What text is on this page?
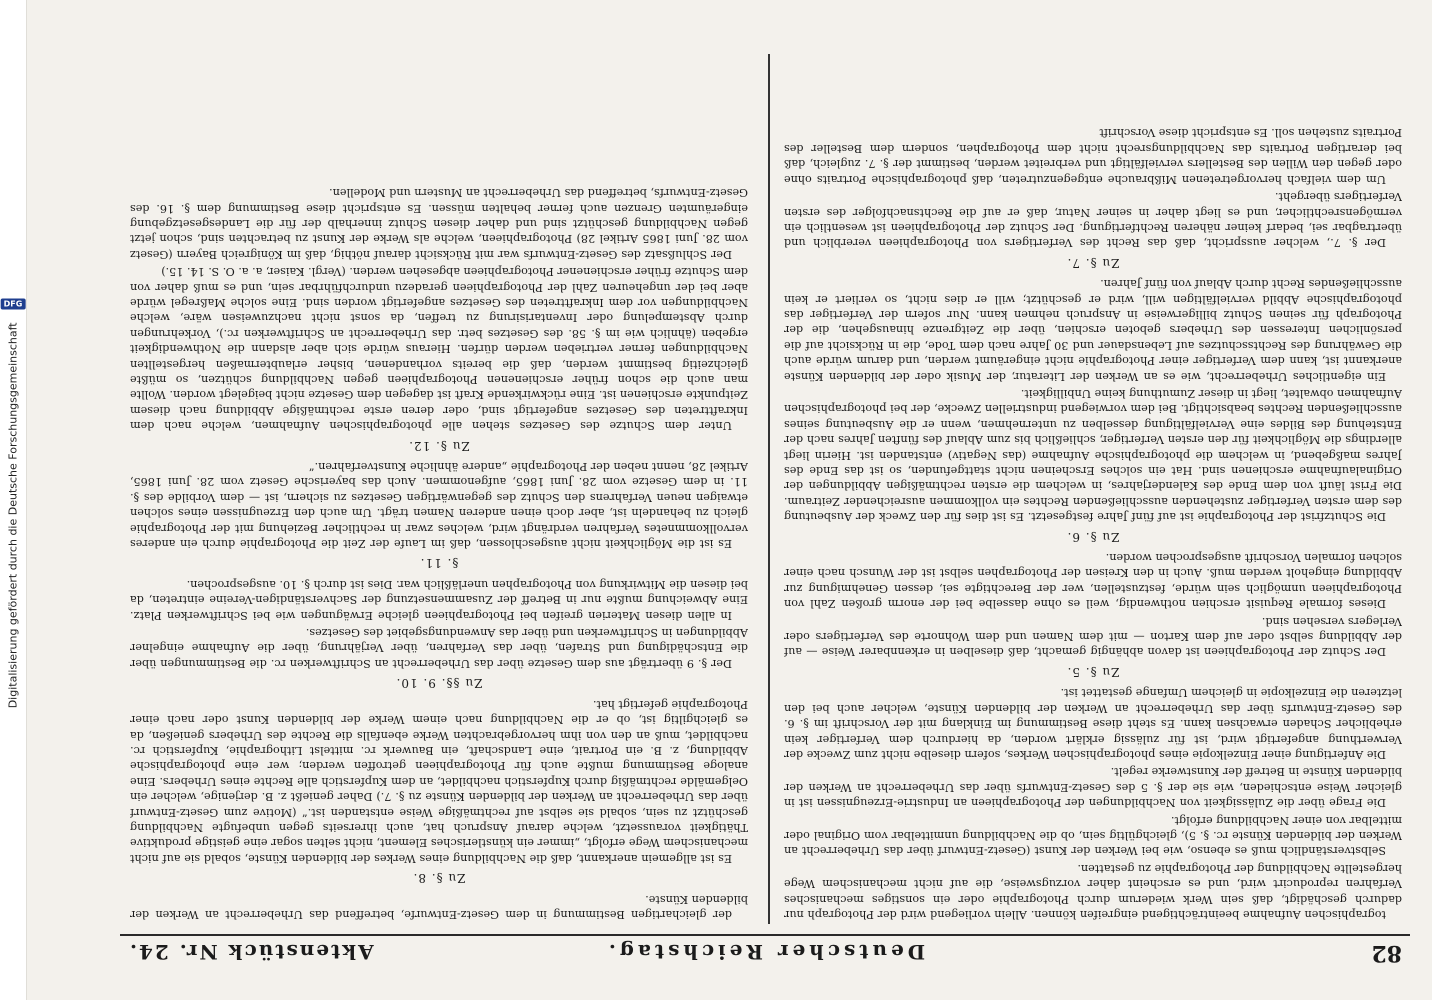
Digitalisierung gefördert durch die Deutsche Forschungsgemeinschaft
DFG
82
Deutscher Reichstag.
Aktenstück Nr. 24.

tographischen Aufnahme beeinträchtigend eingreifen können. Allein vorliegend wird der Photograph nur dadurch geschädigt, daß sein Werk wiederum durch Photographie oder ein sonstiges mechanisches Verfahren reproducirt wird, und es erscheint daher vorzugsweise, die auf nicht mechanischem Wege hergestellte Nachbildung der Photographie zu gestatten.

Selbstverständlich muß es ebenso, wie bei Werken der Kunst (Gesetz-Entwurf über das Urheberrecht an Werken der bildenden Künste rc. §. 5), gleichgültig sein, ob die Nachbildung unmittelbar vom Original oder mittelbar von einer Nachbildung erfolgt.

Die Frage über die Zulässigkeit von Nachbildungen der Photographieen an Industrie-Erzeugnissen ist in gleicher Weise entschieden, wie sie der §. 5 des Gesetz-Entwurfs über das Urheberrecht an Werken der bildenden Künste in Betreff der Kunstwerke regelt.

Die Anfertigung einer Einzelkopie eines photographischen Werkes, sofern dieselbe nicht zum Zwecke der Verwerthung angefertigt wird, ist für zulässig erklärt worden, da hierdurch dem Verfertiger kein erheblicher Schaden erwachsen kann. Es steht diese Bestimmung im Einklang mit der Vorschrift im §. 6. des Gesetz-Entwurfs über das Urheberrecht an Werken der bildenden Künste, welcher auch bei den letzteren die Einzelkopie in gleichem Umfange gestattet ist.

Zu §. 5.

Der Schutz der Photographieen ist davon abhängig gemacht, daß dieselben in erkennbarer Weise — auf der Abbildung selbst oder auf dem Karton — mit dem Namen und dem Wohnorte des Verfertigers oder Verlegers versehen sind.

Dieses formale Requisit erschien nothwendig, weil es ohne dasselbe bei der enorm großen Zahl von Photographieen unmöglich sein würde, festzustellen, wer der Berechtigte sei, dessen Genehmigung zur Abbildung eingeholt werden muß. Auch in den Kreisen der Photographen selbst ist der Wunsch nach einer solchen formalen Vorschrift ausgesprochen worden.

Zu §. 6.

Die Schutzfrist der Photographie ist auf fünf Jahre festgesetzt. Es ist dies für den Zweck der Ausbeutung des dem ersten Verfertiger zustehenden ausschließenden Rechtes ein vollkommen ausreichender Zeitraum. Die Frist läuft von dem Ende des Kalenderjahres, in welchem die ersten rechtmäßigen Abbildungen der Originalaufnahme erschienen sind. Hat ein solches Erscheinen nicht stattgefunden, so ist das Ende des Jahres maßgebend, in welchem die photographische Aufnahme (das Negativ) entstanden ist. Hierin liegt allerdings die Möglichkeit für den ersten Verfertiger, schließlich bis zum Ablauf des fünften Jahres nach der Entstehung des Bildes eine Vervielfältigung desselben zu unternehmen, wenn er die Ausbeutung seines ausschließenden Rechtes beabsichtigt. Bei dem vorwiegend industriellen Zwecke, der bei photographischen Aufnahmen obwaltet, liegt in dieser Zumuthung keine Unbilligkeit.

Ein eigentliches Urheberrecht, wie es an Werken der Literatur, der Musik oder der bildenden Künste anerkannt ist, kann dem Verfertiger einer Photographie nicht eingeräumt werden, und darum würde auch die Gewährung des Rechtsschutzes auf Lebensdauer und 30 Jahre nach dem Tode, die in Rücksicht auf die persönlichen Interessen des Urhebers geboten erschien, über die Zeitgrenze hinausgehen, die der Photograph für seinen Schutz billigerweise in Anspruch nehmen kann. Nur sofern der Verfertiger das photographische Abbild vervielfältigen will, wird er geschützt; will er dies nicht, so verliert er kein ausschließendes Recht durch Ablauf von fünf Jahren.

Zu §. 7.

Der §. 7., welcher ausspricht, daß das Recht des Verfertigers von Photographieen vererblich und übertragbar sei, bedarf keiner näheren Rechtfertigung. Der Schutz der Photographieen ist wesentlich ein vermögensrechtlicher, und es liegt daher in seiner Natur, daß er auf die Rechtsnachfolger des ersten Verfertigers übergeht.

Um dem vielfach hervorgetretenen Mißbrauche entgegenzutreten, daß photographische Portraits ohne oder gegen den Willen des Bestellers vervielfältigt und verbreitet werden, bestimmt der §. 7. zugleich, daß bei derartigen Portraits das Nachbildungsrecht nicht dem Photographen, sondern dem Besteller des Portraits zustehen soll. Es entspricht diese Vorschrift

der gleichartigen Bestimmung in dem Gesetz-Entwurfe, betreffend das Urheberrecht an Werken der bildenden Künste.

Zu §. 8.

Es ist allgemein anerkannt, daß die Nachbildung eines Werkes der bildenden Künste, sobald sie auf nicht mechanischem Wege erfolgt, „immer ein künstlerisches Element, nicht selten sogar eine geistige produktive Thätigkeit voraussetzt, welche darauf Anspruch hat, auch ihrerseits gegen unbefugte Nachbildung geschützt zu sein, sobald sie selbst auf rechtmäßige Weise entstanden ist.“ (Motive zum Gesetz-Entwurf über das Urheberrecht an Werken der bildenden Künste zu §. 7.) Daher genießt z. B. derjenige, welcher ein Oelgemälde rechtmäßig durch Kupferstich nachbildet, an dem Kupferstich alle Rechte eines Urhebers. Eine analoge Bestimmung mußte auch für Photographieen getroffen werden; wer eine photographische Abbildung, z. B. ein Portrait, eine Landschaft, ein Bauwerk rc. mittelst Lithographie, Kupferstich rc. nachbildet, muß an den von ihm hervorgebrachten Werke ebenfalls die Rechte des Urhebers genießen, da es gleichgiltig ist, ob er die Nachbildung nach einem Werke der bildenden Kunst oder nach einer Photographie gefertigt hat.

Zu §§. 9. 10.

Der §. 9 überträgt aus dem Gesetze über das Urheberrecht an Schriftwerken rc. die Bestimmungen über die Entschädigung und Strafen, über das Verfahren, über Verjährung, über die Aufnahme eingelner Abbildungen in Schriftwerken und über das Anwendungsgebiet des Gesetzes.

In allen diesen Materien greifen bei Photographieen gleiche Erwägungen wie bei Schriftwerken Platz. Eine Abweichung mußte nur in Betreff der Zusammensetzung der Sachverständigen-Vereine eintreten, da bei diesen die Mitwirkung von Photographen unerläßlich war. Dies ist durch §. 10. ausgesprochen.

§. 11.

Es ist die Möglichkeit nicht ausgeschlossen, daß im Laufe der Zeit die Photographie durch ein anderes vervollkommnetes Verfahren verdrängt wird, welches zwar in rechtlicher Beziehung mit der Photographie gleich zu behandeln ist, aber doch einen anderen Namen trägt. Um auch den Erzeugnissen eines solchen etwaigen neuen Verfahrens den Schutz des gegenwärtigen Gesetzes zu sichern, ist — dem Vorbilde des §. 11. in dem Gesetze vom 28. Juni 1865, aufgenommen. Auch das bayerische Gesetz vom 28. Juni 1865, Artikel 28, nennt neben der Photographie „andere ähnliche Kunstverfahren.“

Zu §. 12.

Unter dem Schutze des Gesetzes stehen alle photographischen Aufnahmen, welche nach dem Inkrafttreten des Gesetzes angefertigt sind, oder deren erste rechtmäßige Abbildung nach diesem Zeitpunkte erschienen ist. Eine rückwirkende Kraft ist dagegen dem Gesetze nicht beigelegt worden. Wollte man auch die schon früher erschienenen Photographieen gegen Nachbildung schützen, so müßte gleichzeitig bestimmt werden, daß die bereits vorhandenen, bisher erlaubtermaßen hergestellten Nachbildungen ferner vertrieben werden dürfen. Hieraus würde sich aber alsdann die Nothwendigkeit ergeben (ähnlich wie im §. 58. des Gesetzes betr. das Urheberrecht an Schriftwerken rc.), Vorkehrungen durch Abstempelung oder Inventarisirung zu treffen, da sonst nicht nachzuweisen wäre, welche Nachbildungen vor dem Inkrafttreten des Gesetzes angefertigt worden sind. Eine solche Maßregel würde aber bei der ungeheuren Zahl der Photographieen geradezu undurchführbar sein, und es muß daher von dem Schutze früher erschienener Photographieen abgesehen werden. (Vergl. Kaiser, a. a. O. S. 14. 15.)

Der Schlußsatz des Gesetz-Entwurfs war mit Rücksicht darauf nöthig, daß im Königreich Bayern (Gesetz vom 28. Juni 1865 Artikel 28) Photographieen, welche als Werke der Kunst zu betrachten sind, schon jetzt gegen Nachbildung geschützt sind und daher diesen Schutz innerhalb der für die Landesgesetzgebung eingeräumten Grenzen auch ferner behalten müssen. Es entspricht diese Bestimmung dem §. 16. des Gesetz-Entwurfs, betreffend das Urheberrecht an Mustern und Modellen.
